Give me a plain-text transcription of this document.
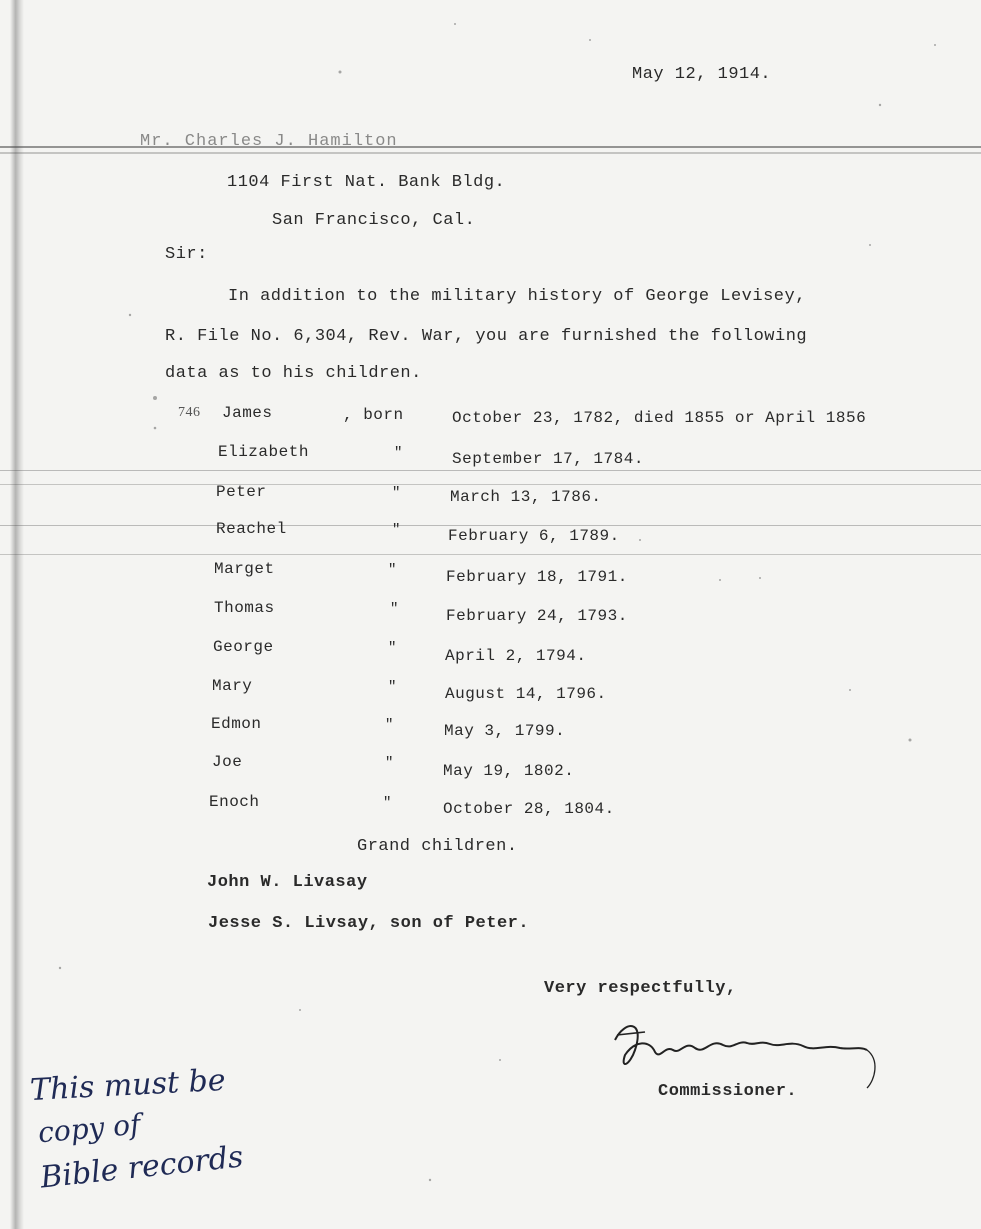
May 12, 1914.
Mr. Charles J. Hamilton
1104 First Nat. Bank Bldg.
San Francisco, Cal.
Sir:
In addition to the military history of George Levisey,
R. File No. 6,304, Rev. War, you are furnished the following
data as to his children.
746 James	, born	October 23, 1782, died 1855 or April 1856
Elizabeth	"	September 17, 1784.
Peter	"	March 13, 1786.
Reachel	"	February 6, 1789.
Marget	"	February 18, 1791.
Thomas	"	February 24, 1793.
George	"	April 2, 1794.
Mary	"	August 14, 1796.
Edmon	"	May 3, 1799.
Joe	"	May 19, 1802.
Enoch	"	October 28, 1804.
Grand children.
John W. Livasay
Jesse S. Livsay, son of Peter.
Very respectfully,
Commissioner.
This must be
copy of
Bible records
